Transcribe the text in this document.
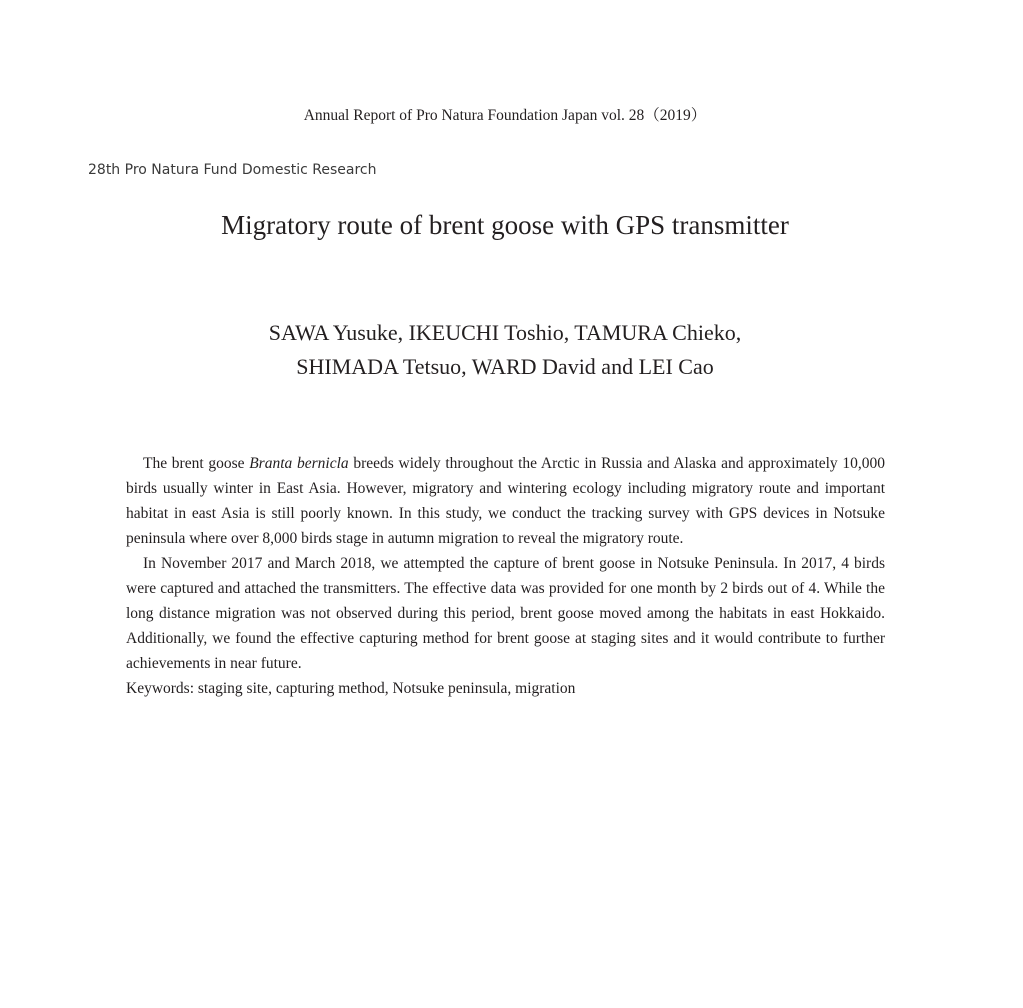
Annual Report of Pro Natura Foundation Japan vol. 28（2019）
28th Pro Natura Fund Domestic Research
Migratory route of brent goose with GPS transmitter
SAWA Yusuke, IKEUCHI Toshio, TAMURA Chieko,
SHIMADA Tetsuo, WARD David and LEI Cao

The brent goose Branta bernicla breeds widely throughout the Arctic in Russia and Alaska and approximately 10,000 birds usually winter in East Asia. However, migratory and wintering ecology including migratory route and important habitat in east Asia is still poorly known. In this study, we conduct the tracking survey with GPS devices in Notsuke peninsula where over 8,000 birds stage in autumn migration to reveal the migratory route.

In November 2017 and March 2018, we attempted the capture of brent goose in Notsuke Peninsula. In 2017, 4 birds were captured and attached the transmitters. The effective data was provided for one month by 2 birds out of 4. While the long distance migration was not observed during this period, brent goose moved among the habitats in east Hokkaido. Additionally, we found the effective capturing method for brent goose at staging sites and it would contribute to further achievements in near future.

Keywords: staging site, capturing method, Notsuke peninsula, migration
